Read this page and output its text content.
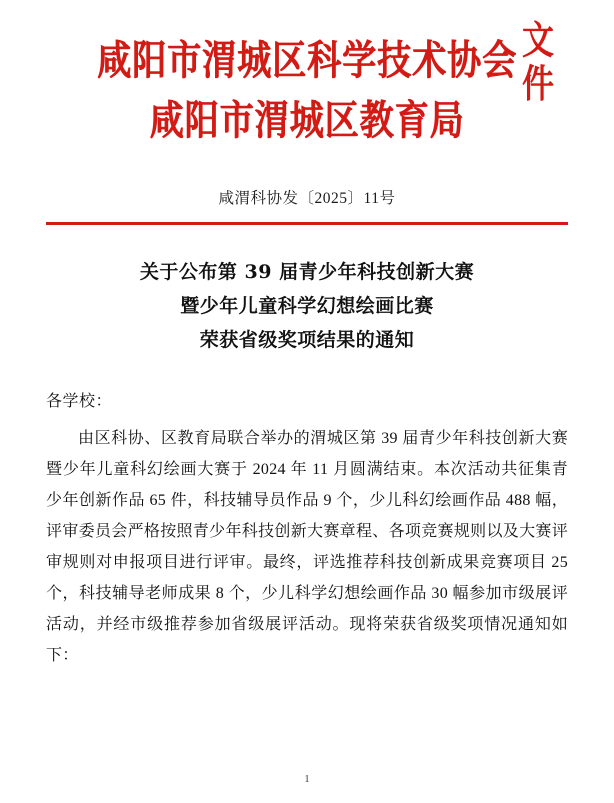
咸阳市渭城区科学技术协会
咸阳市渭城区教育局
文件
咸渭科协发〔2025〕11号
关于公布第 39 届青少年科技创新大赛
暨少年儿童科学幻想绘画比赛
荣获省级奖项结果的通知
各学校：
由区科协、区教育局联合举办的渭城区第 39 届青少年科技创新大赛暨少年儿童科幻绘画大赛于 2024 年 11 月圆满结束。本次活动共征集青少年创新作品 65 件，科技辅导员作品 9 个，少儿科幻绘画作品 488 幅，评审委员会严格按照青少年科技创新大赛章程、各项竞赛规则以及大赛评审规则对申报项目进行评审。最终，评选推荐科技创新成果竞赛项目 25 个，科技辅导老师成果 8 个，少儿科学幻想绘画作品 30 幅参加市级展评活动，并经市级推荐参加省级展评活动。现将荣获省级奖项情况通知如下：
1
